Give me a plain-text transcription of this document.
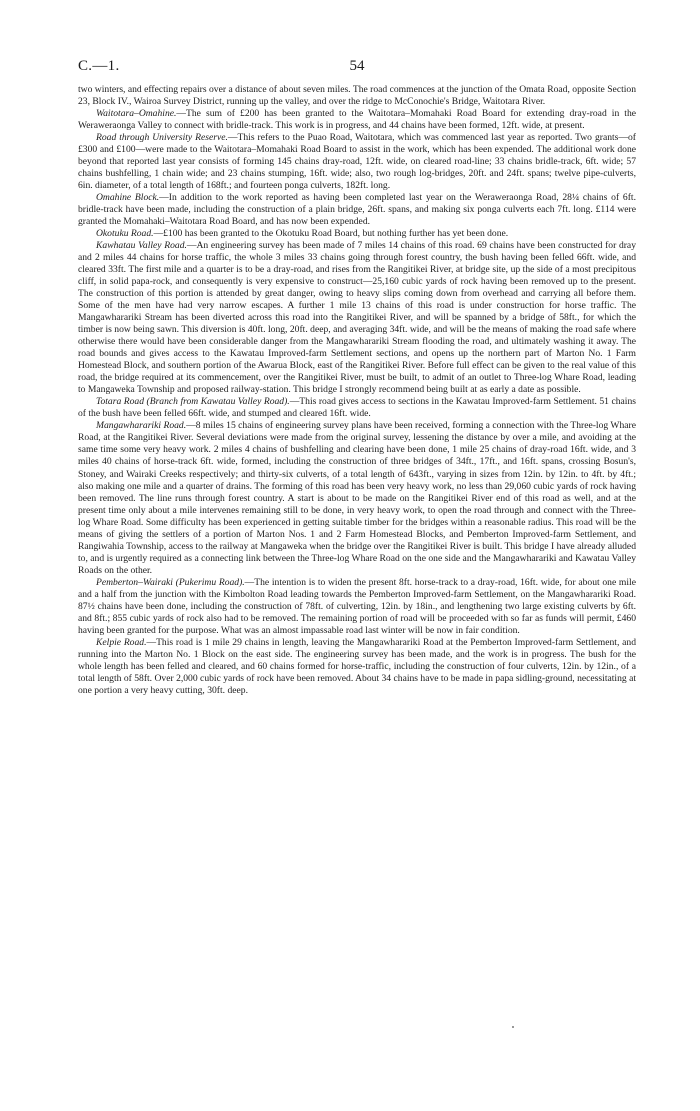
C.—1.	54

two winters, and effecting repairs over a distance of about seven miles. The road commences at the junction of the Omata Road, opposite Section 23, Block IV., Wairoa Survey District, running up the valley, and over the ridge to McConochie's Bridge, Waitotara River.

Waitotara–Omahine.—The sum of £200 has been granted to the Waitotara–Momahaki Road Board for extending dray-road in the Weraweraonga Valley to connect with bridle-track. This work is in progress, and 44 chains have been formed, 12ft. wide, at present.

Road through University Reserve.—This refers to the Puao Road, Waitotara, which was commenced last year as reported. Two grants—of £300 and £100—were made to the Waitotara–Momahaki Road Board to assist in the work, which has been expended. The additional work done beyond that reported last year consists of forming 145 chains dray-road, 12ft. wide, on cleared road-line; 33 chains bridle-track, 6ft. wide; 57 chains bushfelling, 1 chain wide; and 23 chains stumping, 16ft. wide; also, two rough log-bridges, 20ft. and 24ft. spans; twelve pipe-culverts, 6in. diameter, of a total length of 168ft.; and fourteen ponga culverts, 182ft. long.

Omahine Block.—In addition to the work reported as having been completed last year on the Weraweraonga Road, 28¼ chains of 6ft. bridle-track have been made, including the construction of a plain bridge, 26ft. spans, and making six ponga culverts each 7ft. long. £114 were granted the Momahaki–Waitotara Road Board, and has now been expended.

Okotuku Road.—£100 has been granted to the Okotuku Road Board, but nothing further has yet been done.

Kawhatau Valley Road.—An engineering survey has been made of 7 miles 14 chains of this road. 69 chains have been constructed for dray and 2 miles 44 chains for horse traffic, the whole 3 miles 33 chains going through forest country, the bush having been felled 66ft. wide, and cleared 33ft. The first mile and a quarter is to be a dray-road, and rises from the Rangitikei River, at bridge site, up the side of a most precipitous cliff, in solid papa-rock, and consequently is very expensive to construct—25,160 cubic yards of rock having been removed up to the present. The construction of this portion is attended by great danger, owing to heavy slips coming down from overhead and carrying all before them. Some of the men have had very narrow escapes. A further 1 mile 13 chains of this road is under construction for horse traffic. The Mangawharariki Stream has been diverted across this road into the Rangitikei River, and will be spanned by a bridge of 58ft., for which the timber is now being sawn. This diversion is 40ft. long, 20ft. deep, and averaging 34ft. wide, and will be the means of making the road safe where otherwise there would have been considerable danger from the Mangawharariki Stream flooding the road, and ultimately washing it away. The road bounds and gives access to the Kawatau Improved-farm Settlement sections, and opens up the northern part of Marton No. 1 Farm Homestead Block, and southern portion of the Awarua Block, east of the Rangitikei River. Before full effect can be given to the real value of this road, the bridge required at its commencement, over the Rangitikei River, must be built, to admit of an outlet to Three-log Whare Road, leading to Mangaweka Township and proposed railway-station. This bridge I strongly recommend being built at as early a date as possible.

Totara Road (Branch from Kawatau Valley Road).—This road gives access to sections in the Kawatau Improved-farm Settlement. 51 chains of the bush have been felled 66ft. wide, and stumped and cleared 16ft. wide.

Mangawharariki Road.—8 miles 15 chains of engineering survey plans have been received, forming a connection with the Three-log Whare Road, at the Rangitikei River. Several deviations were made from the original survey, lessening the distance by over a mile, and avoiding at the same time some very heavy work. 2 miles 4 chains of bushfelling and clearing have been done, 1 mile 25 chains of dray-road 16ft. wide, and 3 miles 40 chains of horse-track 6ft. wide, formed, including the construction of three bridges of 34ft., 17ft., and 16ft. spans, crossing Bosun's, Stoney, and Wairaki Creeks respectively; and thirty-six culverts, of a total length of 643ft., varying in sizes from 12in. by 12in. to 4ft. by 4ft.; also making one mile and a quarter of drains. The forming of this road has been very heavy work, no less than 29,060 cubic yards of rock having been removed. The line runs through forest country. A start is about to be made on the Rangitikei River end of this road as well, and at the present time only about a mile intervenes remaining still to be done, in very heavy work, to open the road through and connect with the Three-log Whare Road. Some difficulty has been experienced in getting suitable timber for the bridges within a reasonable radius. This road will be the means of giving the settlers of a portion of Marton Nos. 1 and 2 Farm Homestead Blocks, and Pemberton Improved-farm Settlement, and Rangiwahia Township, access to the railway at Mangaweka when the bridge over the Rangitikei River is built. This bridge I have already alluded to, and is urgently required as a connecting link between the Three-log Whare Road on the one side and the Mangawharariki and Kawatau Valley Roads on the other.

Pemberton–Wairaki (Pukerimu Road).—The intention is to widen the present 8ft. horse-track to a dray-road, 16ft. wide, for about one mile and a half from the junction with the Kimbolton Road leading towards the Pemberton Improved-farm Settlement, on the Mangawharariki Road. 87½ chains have been done, including the construction of 78ft. of culverting, 12in. by 18in., and lengthening two large existing culverts by 6ft. and 8ft.; 855 cubic yards of rock also had to be removed. The remaining portion of road will be proceeded with so far as funds will permit, £460 having been granted for the purpose. What was an almost impassable road last winter will be now in fair condition.

Kelpie Road.—This road is 1 mile 29 chains in length, leaving the Mangawharariki Road at the Pemberton Improved-farm Settlement, and running into the Marton No. 1 Block on the east side. The engineering survey has been made, and the work is in progress. The bush for the whole length has been felled and cleared, and 60 chains formed for horse-traffic, including the construction of four culverts, 12in. by 12in., of a total length of 58ft. Over 2,000 cubic yards of rock have been removed. About 34 chains have to be made in papa sidling-ground, necessitating at one portion a very heavy cutting, 30ft. deep.
